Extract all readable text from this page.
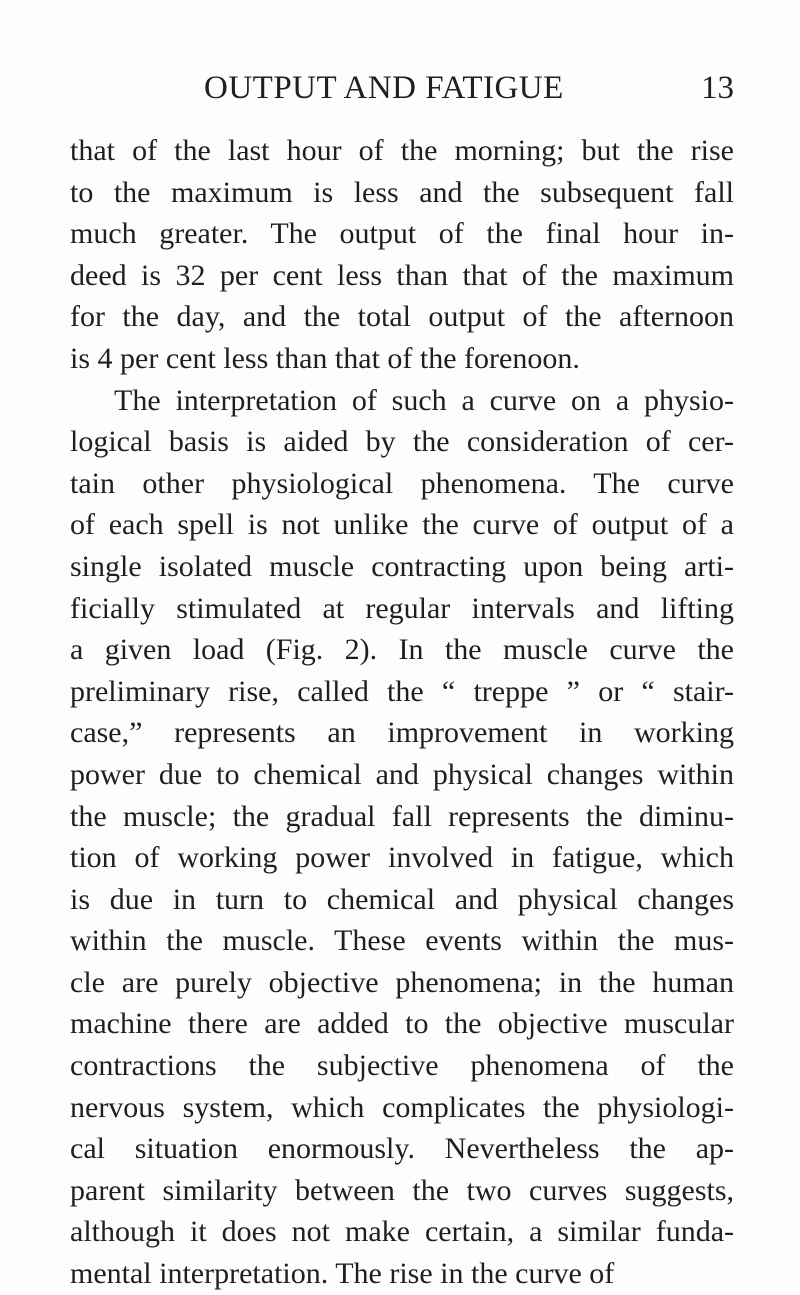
OUTPUT AND FATIGUE	13
that of the last hour of the morning; but the rise
to the maximum is less and the subsequent fall
much greater. The output of the final hour in-
deed is 32 per cent less than that of the maximum
for the day, and the total output of the afternoon
is 4 per cent less than that of the forenoon.
The interpretation of such a curve on a physio-
logical basis is aided by the consideration of cer-
tain other physiological phenomena. The curve
of each spell is not unlike the curve of output of a
single isolated muscle contracting upon being arti-
ficially stimulated at regular intervals and lifting
a given load (Fig. 2). In the muscle curve the
preliminary rise, called the “ treppe ” or “ stair-
case,” represents an improvement in working
power due to chemical and physical changes within
the muscle; the gradual fall represents the diminu-
tion of working power involved in fatigue, which
is due in turn to chemical and physical changes
within the muscle. These events within the mus-
cle are purely objective phenomena; in the human
machine there are added to the objective muscular
contractions the subjective phenomena of the
nervous system, which complicates the physiologi-
cal situation enormously. Nevertheless the ap-
parent similarity between the two curves suggests,
although it does not make certain, a similar funda-
mental interpretation. The rise in the curve of
